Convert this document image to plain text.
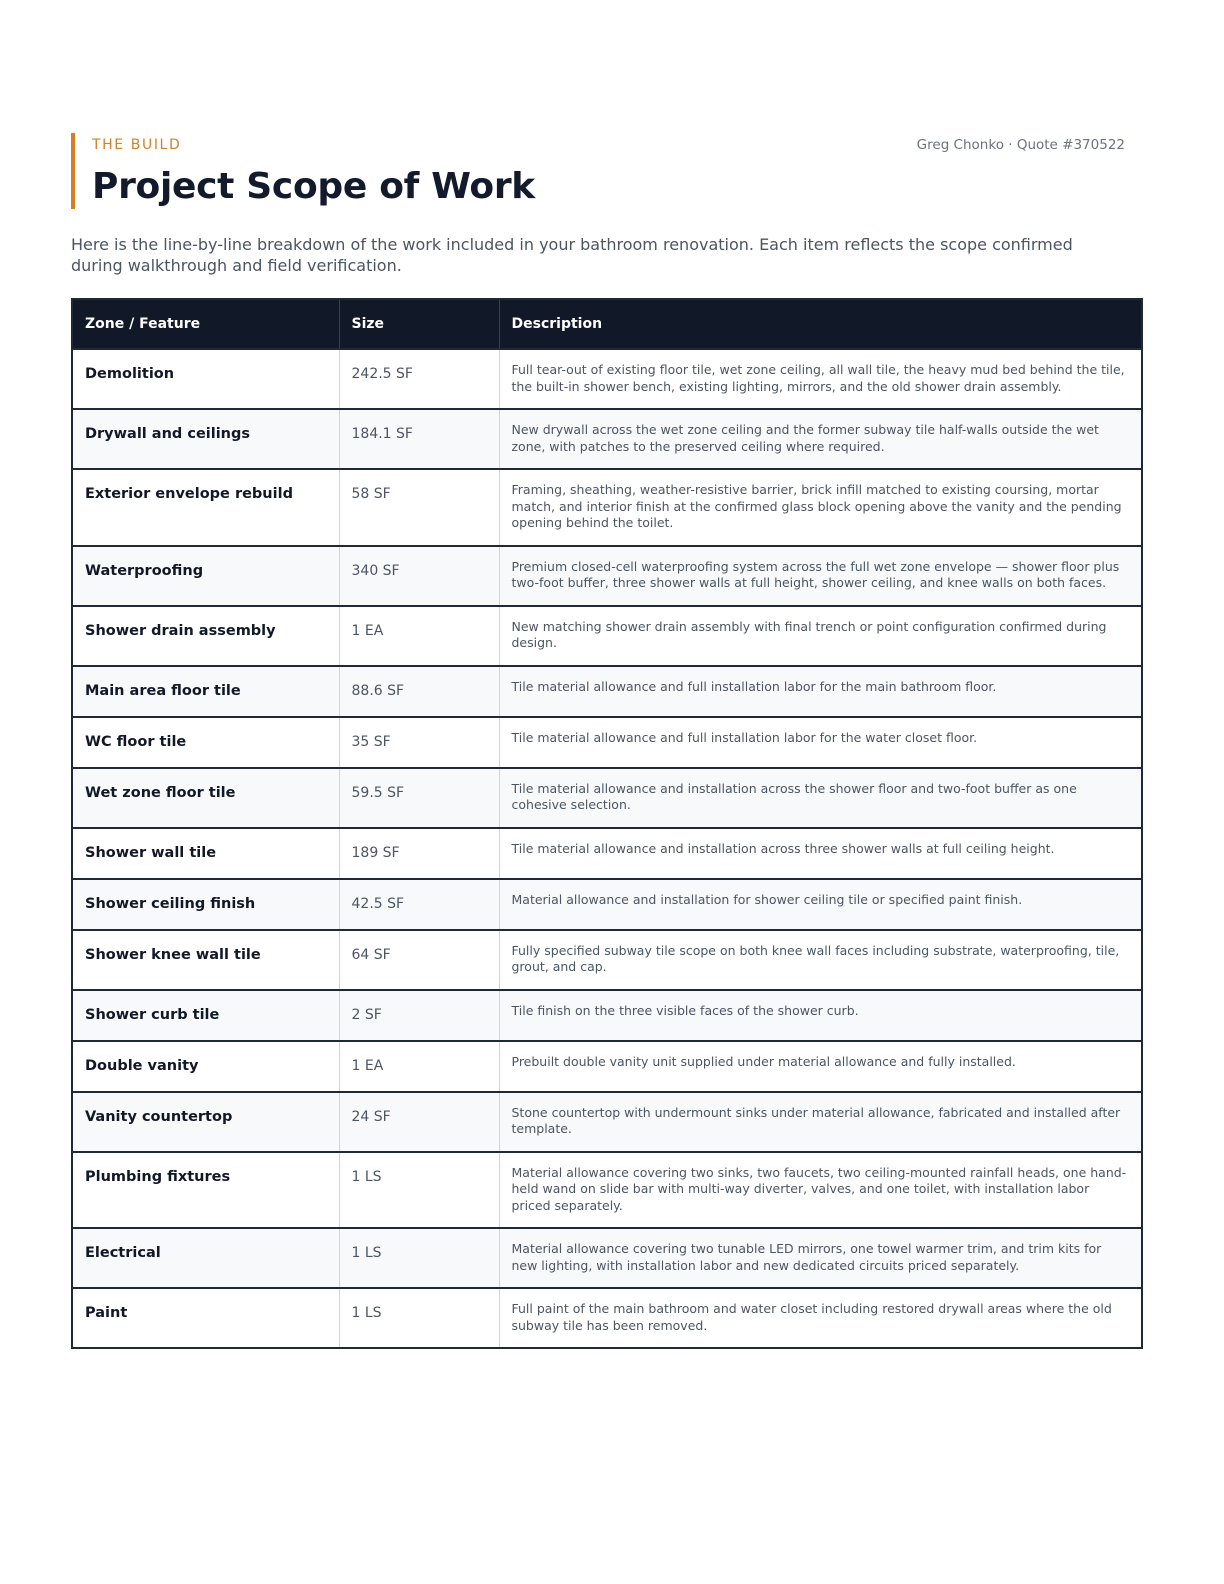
THE BUILD
Project Scope of Work
Greg Chonko · Quote #370522

Here is the line-by-line breakdown of the work included in your bathroom renovation. Each item reflects the scope confirmed during walkthrough and field verification.

Zone / Feature	Size	Description
Demolition	242.5 SF	Full tear-out of existing floor tile, wet zone ceiling, all wall tile, the heavy mud bed behind the tile, the built-in shower bench, existing lighting, mirrors, and the old shower drain assembly.
Drywall and ceilings	184.1 SF	New drywall across the wet zone ceiling and the former subway tile half-walls outside the wet zone, with patches to the preserved ceiling where required.
Exterior envelope rebuild	58 SF	Framing, sheathing, weather-resistive barrier, brick infill matched to existing coursing, mortar match, and interior finish at the confirmed glass block opening above the vanity and the pending opening behind the toilet.
Waterproofing	340 SF	Premium closed-cell waterproofing system across the full wet zone envelope — shower floor plus two-foot buffer, three shower walls at full height, shower ceiling, and knee walls on both faces.
Shower drain assembly	1 EA	New matching shower drain assembly with final trench or point configuration confirmed during design.
Main area floor tile	88.6 SF	Tile material allowance and full installation labor for the main bathroom floor.
WC floor tile	35 SF	Tile material allowance and full installation labor for the water closet floor.
Wet zone floor tile	59.5 SF	Tile material allowance and installation across the shower floor and two-foot buffer as one cohesive selection.
Shower wall tile	189 SF	Tile material allowance and installation across three shower walls at full ceiling height.
Shower ceiling finish	42.5 SF	Material allowance and installation for shower ceiling tile or specified paint finish.
Shower knee wall tile	64 SF	Fully specified subway tile scope on both knee wall faces including substrate, waterproofing, tile, grout, and cap.
Shower curb tile	2 SF	Tile finish on the three visible faces of the shower curb.
Double vanity	1 EA	Prebuilt double vanity unit supplied under material allowance and fully installed.
Vanity countertop	24 SF	Stone countertop with undermount sinks under material allowance, fabricated and installed after template.
Plumbing fixtures	1 LS	Material allowance covering two sinks, two faucets, two ceiling-mounted rainfall heads, one hand-held wand on slide bar with multi-way diverter, valves, and one toilet, with installation labor priced separately.
Electrical	1 LS	Material allowance covering two tunable LED mirrors, one towel warmer trim, and trim kits for new lighting, with installation labor and new dedicated circuits priced separately.
Paint	1 LS	Full paint of the main bathroom and water closet including restored drywall areas where the old subway tile has been removed.
